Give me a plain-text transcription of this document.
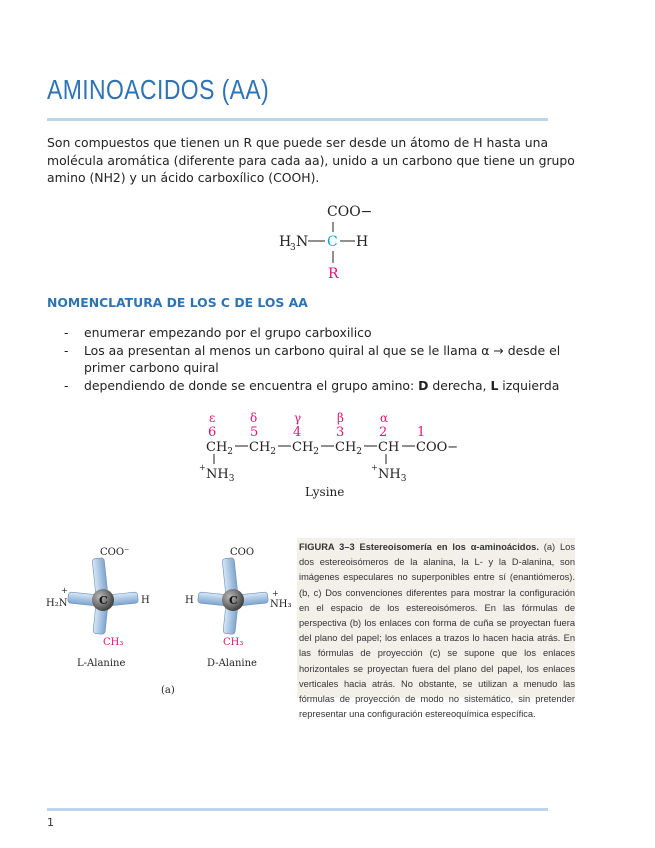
AMINOACIDOS (AA)

Son compuestos que tienen un R que puede ser desde un átomo de H hasta una molécula aromática (diferente para cada aa), unido a un carbono que tiene un grupo amino (NH2) y un ácido carboxílico (COOH).

COO−
H
3 N C H
R
NOMENCLATURA DE LOS C DE LOS AA
- enumerar empezando por el grupo carboxilico
- Los aa presentan al menos un carbono quiral al que se le llama α → desde el primer carbono quiral
- dependiendo de donde se encuentra el grupo amino: D derecha, L izquierda
ε	δ	γ	β	α
6	5	4	3	2 1
$CH_2$ $CH_2$ $CH_2$ $CH_2$ CH COO−
+ $NH_3$
+ $NH_3$
Lysine
C
COO⁻
+
H₂N	H
CH₃
L-Alanine
C
COO
H
+
NH₃
CH₃
D-Alanine
(a)
FIGURA 3–3 Estereoisomería en los α-aminoácidos. (a) Los dos estereoisómeros de la alanina, la L- y la D-alanina, son imágenes especulares no superponibles entre sí (enantiómeros). (b, c) Dos convenciones diferentes para mostrar la configuración en el espacio de los estereoisómeros. En las fórmulas de perspectiva (b) los enlaces con forma de cuña se proyectan fuera del plano del papel; los enlaces a trazos lo hacen hacia atrás. En las fórmulas de proyección (c) se supone que los enlaces horizontales se proyectan fuera del plano del papel, los enlaces verticales hacia atrás. No obstante, se utilizan a menudo las fórmulas de proyección de modo no sistemático, sin pretender representar una configuración estereoquímica específica.
1
